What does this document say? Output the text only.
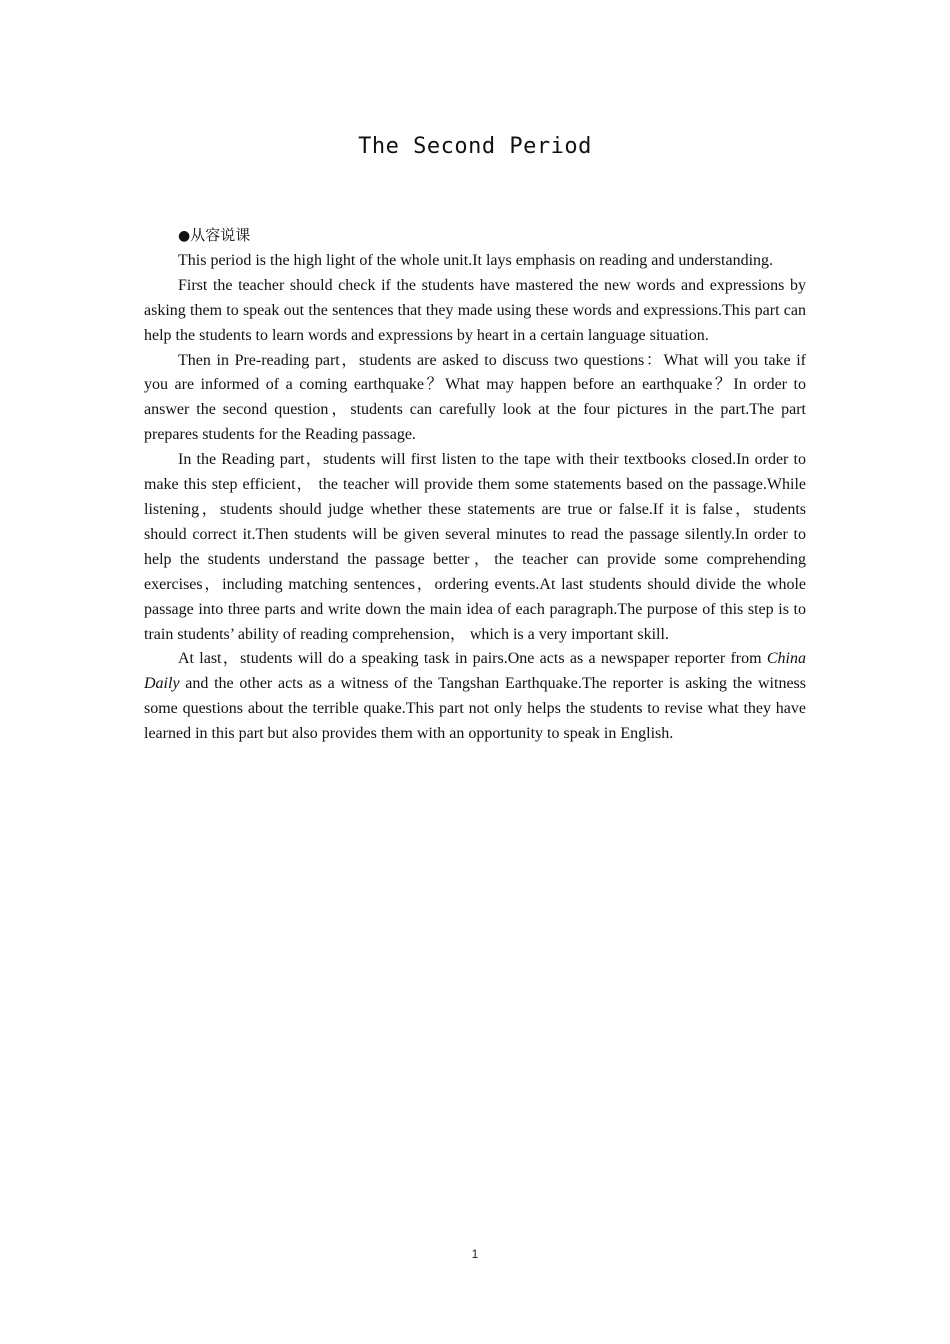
The Second Period
●从容说课

This period is the high light of the whole unit.It lays emphasis on reading and understanding.

First the teacher should check if the students have mastered the new words and expressions by asking them to speak out the sentences that they made using these words and expressions.This part can help the students to learn words and expressions by heart in a certain language situation.

Then in Pre-reading part，students are asked to discuss two questions：What will you take if you are informed of a coming earthquake？What may happen before an earthquake？In order to answer the second question，students can carefully look at the four pictures in the part.The part prepares students for the Reading passage.

In the Reading part，students will first listen to the tape with their textbooks closed.In order to make this step efficient， the teacher will provide them some statements based on the passage.While listening，students should judge whether these statements are true or false.If it is false，students should correct it.Then students will be given several minutes to read the passage silently.In order to help the students understand the passage better，the teacher can provide some comprehending exercises，including matching sentences，ordering events.At last students should divide the whole passage into three parts and write down the main idea of each paragraph.The purpose of this step is to train students’ ability of reading comprehension， which is a very important skill.

At last，students will do a speaking task in pairs.One acts as a newspaper reporter from China Daily and the other acts as a witness of the Tangshan Earthquake.The reporter is asking the witness some questions about the terrible quake.This part not only helps the students to revise what they have learned in this part but also provides them with an opportunity to speak in English.

1
